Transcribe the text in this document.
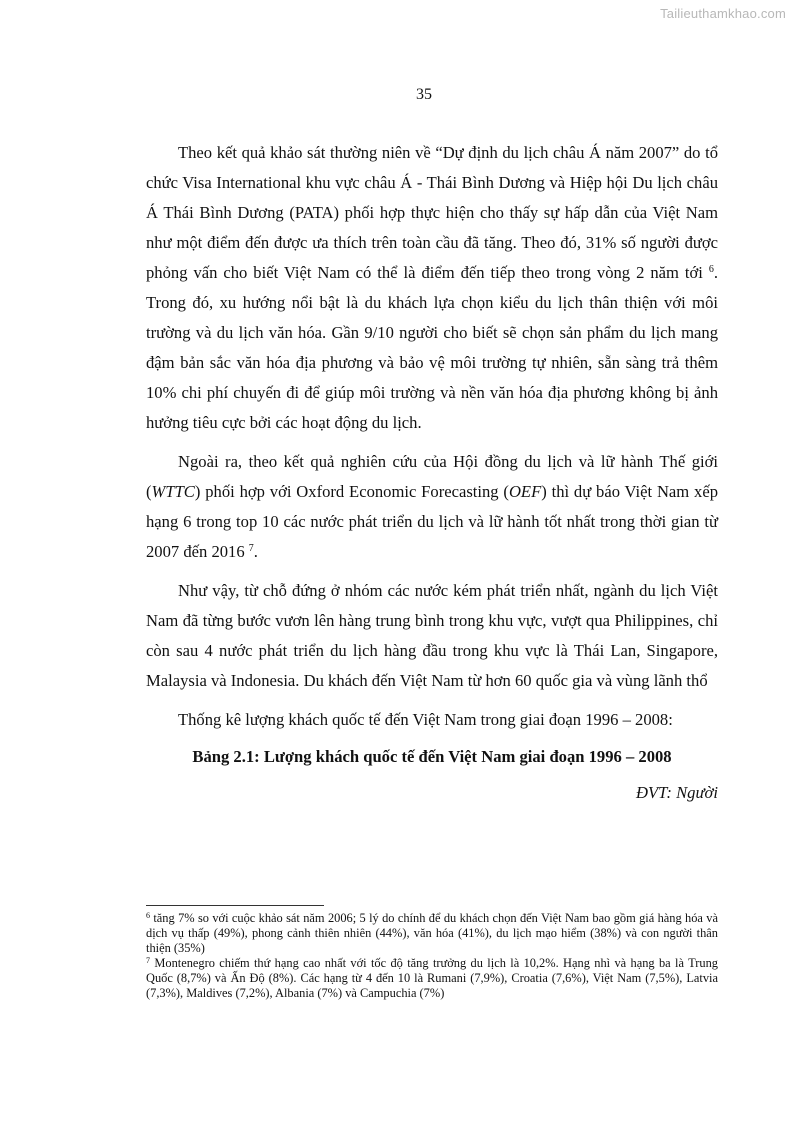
Tailieuthamkhao.com
35

Theo kết quả khảo sát thường niên về “Dự định du lịch châu Á năm 2007” do tổ chức Visa International khu vực châu Á - Thái Bình Dương và Hiệp hội Du lịch châu Á Thái Bình Dương (PATA) phối hợp thực hiện cho thấy sự hấp dẫn của Việt Nam như một điểm đến được ưa thích trên toàn cầu đã tăng. Theo đó, 31% số người được phỏng vấn cho biết Việt Nam có thể là điểm đến tiếp theo trong vòng 2 năm tới $^6$. Trong đó, xu hướng nổi bật là du khách lựa chọn kiểu du lịch thân thiện với môi trường và du lịch văn hóa. Gần 9/10 người cho biết sẽ chọn sản phẩm du lịch mang đậm bản sắc văn hóa địa phương và bảo vệ môi trường tự nhiên, sẵn sàng trả thêm 10% chi phí chuyến đi để giúp môi trường và nền văn hóa địa phương không bị ảnh hưởng tiêu cực bởi các hoạt động du lịch.

Ngoài ra, theo kết quả nghiên cứu của Hội đồng du lịch và lữ hành Thế giới (WTTC) phối hợp với Oxford Economic Forecasting (OEF) thì dự báo Việt Nam xếp hạng 6 trong top 10 các nước phát triển du lịch và lữ hành tốt nhất trong thời gian từ 2007 đến 2016 $^7$.

Như vậy, từ chỗ đứng ở nhóm các nước kém phát triển nhất, ngành du lịch Việt Nam đã từng bước vươn lên hàng trung bình trong khu vực, vượt qua Philippines, chỉ còn sau 4 nước phát triển du lịch hàng đầu trong khu vực là Thái Lan, Singapore, Malaysia và Indonesia. Du khách đến Việt Nam từ hơn 60 quốc gia và vùng lãnh thổ

Thống kê lượng khách quốc tế đến Việt Nam trong giai đoạn 1996 – 2008:

Bảng 2.1: Lượng khách quốc tế đến Việt Nam giai đoạn 1996 – 2008

ĐVT: Người

$^6$ tăng 7% so với cuộc khảo sát năm 2006; 5 lý do chính để du khách chọn đến Việt Nam bao gồm giá hàng hóa và dịch vụ thấp (49%), phong cảnh thiên nhiên (44%), văn hóa (41%), du lịch mạo hiểm (38%) và con người thân thiện (35%)

$^7$ Montenegro chiếm thứ hạng cao nhất với tốc độ tăng trưởng du lịch là 10,2%. Hạng nhì và hạng ba là Trung Quốc (8,7%) và Ấn Độ (8%). Các hạng từ 4 đến 10 là Rumani (7,9%), Croatia (7,6%), Việt Nam (7,5%), Latvia (7,3%), Maldives (7,2%), Albania (7%) và Campuchia (7%)
